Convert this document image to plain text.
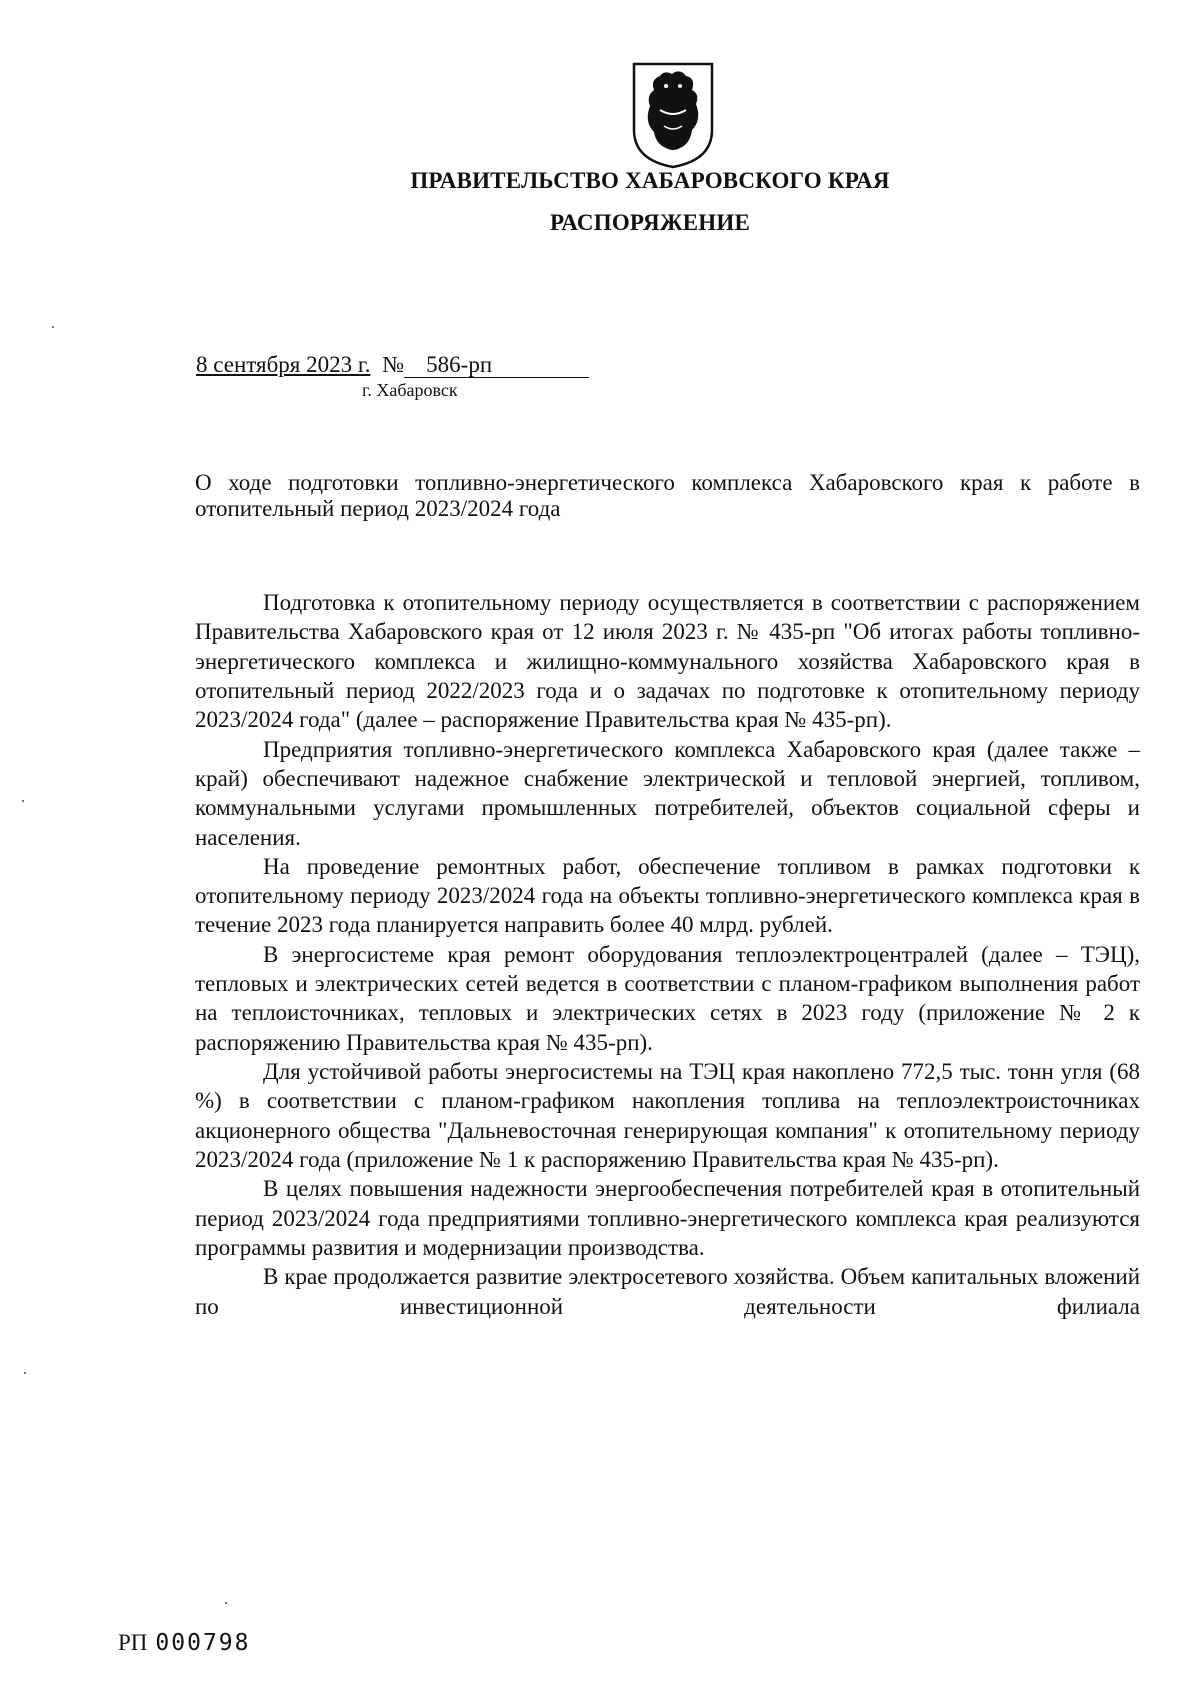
ПРАВИТЕЛЬСТВО ХАБАРОВСКОГО КРАЯ
РАСПОРЯЖЕНИЕ
8 сентября 2023 г. № 586-рп
г. Хабаровск
О ходе подготовки топливно-энергетического комплекса Хабаровского края к работе в отопительный период 2023/2024 года

Подготовка к отопительному периоду осуществляется в соответствии с распоряжением Правительства Хабаровского края от 12 июля 2023 г. № 435-рп "Об итогах работы топливно-энергетического комплекса и жилищно-коммунального хозяйства Хабаровского края в отопительный период 2022/2023 года и о задачах по подготовке к отопительному периоду 2023/2024 года" (далее – распоряжение Правительства края № 435-рп).

Предприятия топливно-энергетического комплекса Хабаровского края (далее также – край) обеспечивают надежное снабжение электрической и тепловой энергией, топливом, коммунальными услугами промышленных потребителей, объектов социальной сферы и населения.

На проведение ремонтных работ, обеспечение топливом в рамках подготовки к отопительному периоду 2023/2024 года на объекты топливно-энергетического комплекса края в течение 2023 года планируется направить более 40 млрд. рублей.

В энергосистеме края ремонт оборудования теплоэлектроцентралей (далее – ТЭЦ), тепловых и электрических сетей ведется в соответствии с планом-графиком выполнения работ на теплоисточниках, тепловых и электрических сетях в 2023 году (приложение № 2 к распоряжению Правительства края № 435-рп).

Для устойчивой работы энергосистемы на ТЭЦ края накоплено 772,5 тыс. тонн угля (68 %) в соответствии с планом-графиком накопления топлива на теплоэлектроисточниках акционерного общества "Дальневосточная генерирующая компания" к отопительному периоду 2023/2024 года (приложение № 1 к распоряжению Правительства края № 435-рп).

В целях повышения надежности энергообеспечения потребителей края в отопительный период 2023/2024 года предприятиями топливно-энергетического комплекса края реализуются программы развития и модернизации производства.

В крае продолжается развитие электросетевого хозяйства. Объем капитальных вложений по инвестиционной деятельности филиала

РП 000798
